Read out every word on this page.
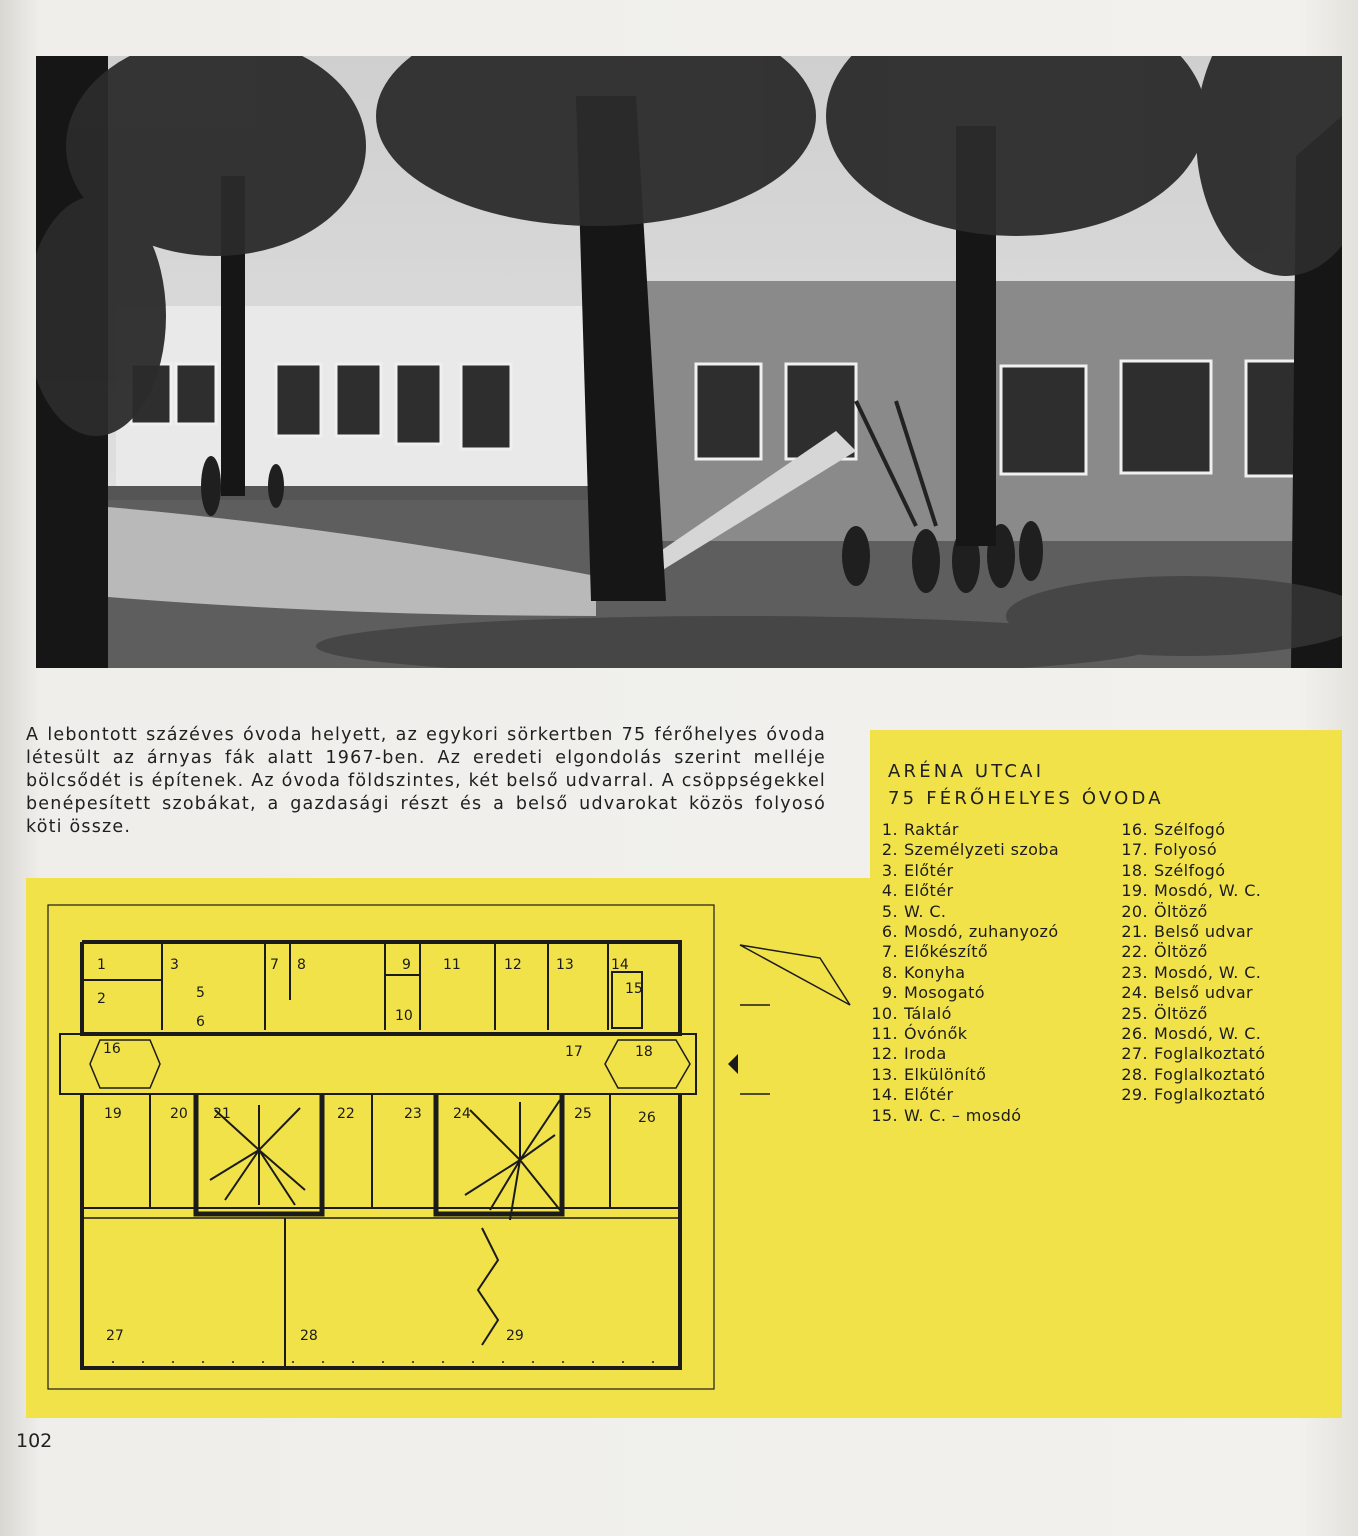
A lebontott százéves óvoda helyett, az egykori sörkertben 75 férőhelyes óvoda létesült az árnyas fák alatt 1967-ben. Az eredeti elgondolás szerint melléje bölcsődét is építenek. Az óvoda földszintes, két belső udvarral. A csöppségekkel benépesített szobákat, a gazdasági részt és a belső udvarokat közös folyosó köti össze.
1
2
3
5
6
7 8	9
10
11	12 13	14
15
16	17	18
19	20 21	22	23 24	25	26
27	28	29
ARÉNA UTCAI
75 FÉRŐHELYES ÓVODA
1. Raktár
2. Személyzeti szoba
3. Előtér
4. Előtér
5. W. C.
6. Mosdó, zuhanyozó
7. Előkészítő
8. Konyha
9. Mosogató
10. Tálaló
11. Óvónők
12. Iroda
13. Elkülönítő
14. Előtér
15. W. C. – mosdó
16. Szélfogó
17. Folyosó
18. Szélfogó
19. Mosdó, W. C.
20. Öltöző
21. Belső udvar
22. Öltöző
23. Mosdó, W. C.
24. Belső udvar
25. Öltöző
26. Mosdó, W. C.
27. Foglalkoztató
28. Foglalkoztató
29. Foglalkoztató
102
